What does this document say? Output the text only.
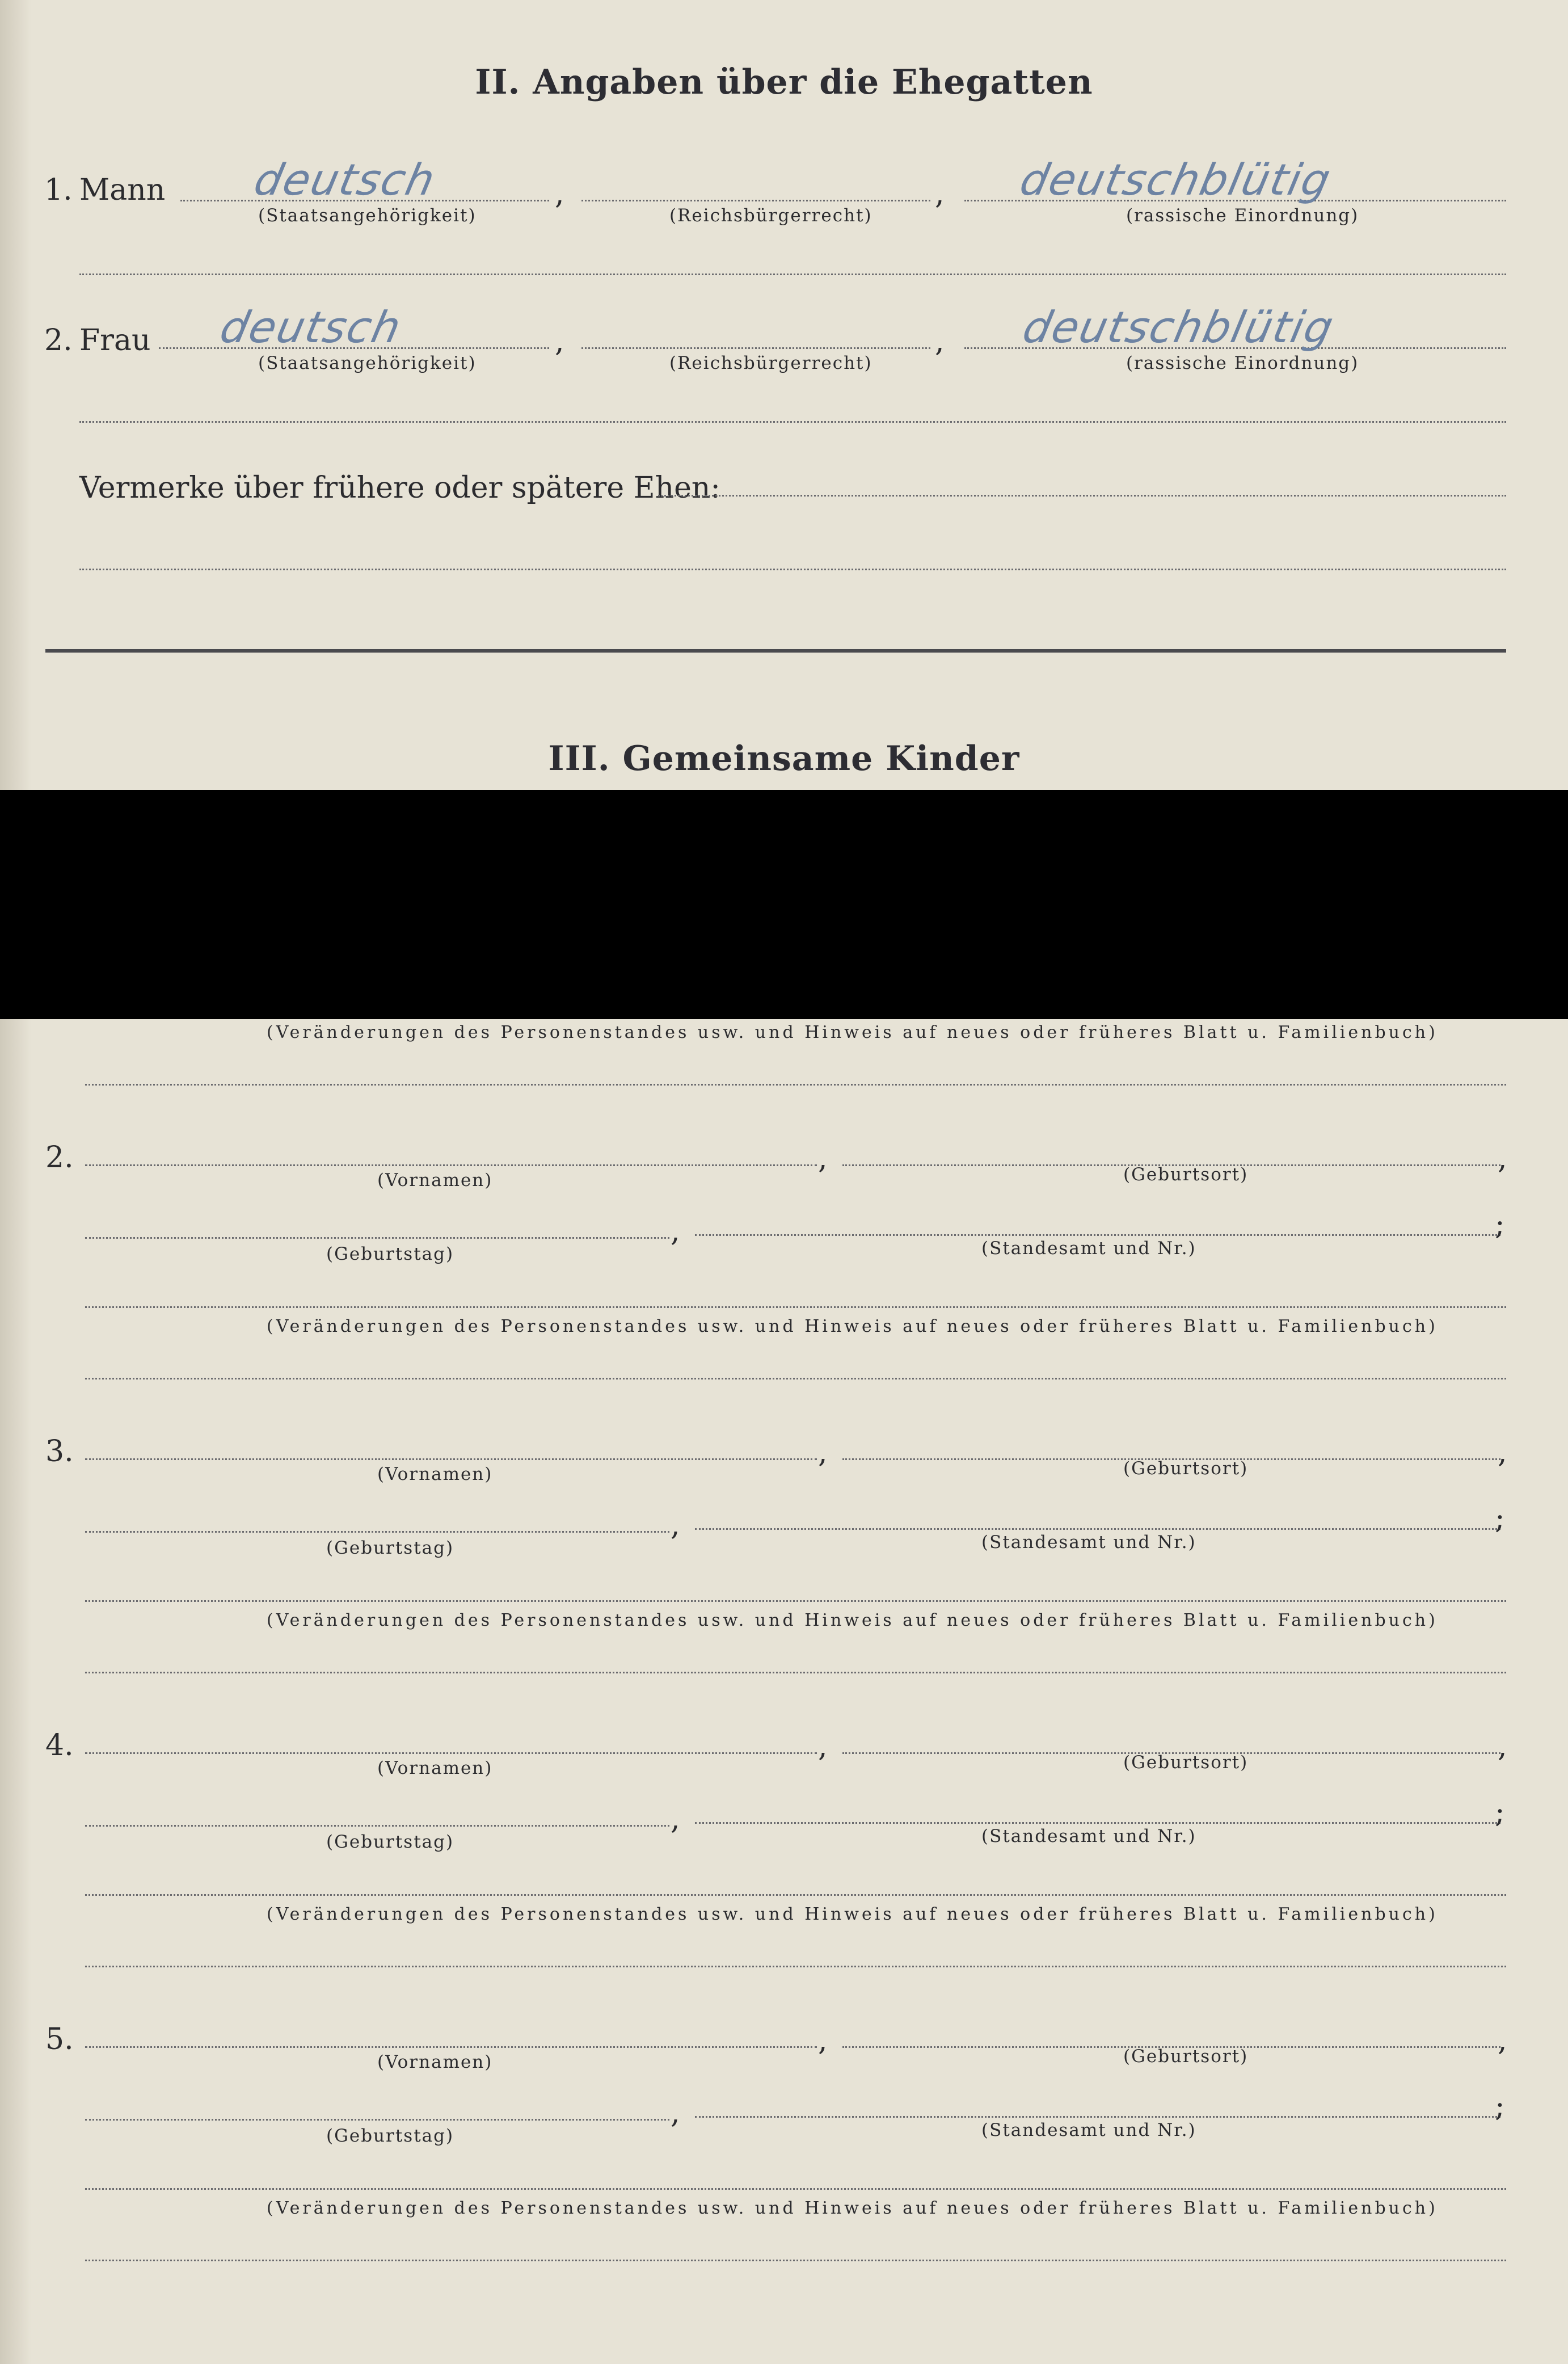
II. Angaben über die Ehegatten
1. Mann deutsch	,	, deutschblütig
(Staatsangehörigkeit)	(Reichsbürgerrecht)	(rassische Einordnung)
2. Frau deutsch	,	, deutschblütig
(Staatsangehörigkeit)	(Reichsbürgerrecht)	(rassische Einordnung)
Vermerke über frühere oder spätere Ehen:
III. Gemeinsame Kinder
(Veränderungen des Personenstandes usw. und Hinweis auf neues oder früheres Blatt u. Familienbuch)
2.	,	,
(Vornamen)	(Geburtsort)
,	;
(Geburtstag)	(Standesamt und Nr.)
(Veränderungen des Personenstandes usw. und Hinweis auf neues oder früheres Blatt u. Familienbuch)
3.	,	,
(Vornamen)	(Geburtsort)
,	;
(Geburtstag)	(Standesamt und Nr.)
(Veränderungen des Personenstandes usw. und Hinweis auf neues oder früheres Blatt u. Familienbuch)
4.	,	,
(Vornamen)	(Geburtsort)
,	;
(Geburtstag)	(Standesamt und Nr.)
(Veränderungen des Personenstandes usw. und Hinweis auf neues oder früheres Blatt u. Familienbuch)
5.	,	,
(Vornamen)	(Geburtsort)
,	;
(Geburtstag)	(Standesamt und Nr.)
(Veränderungen des Personenstandes usw. und Hinweis auf neues oder früheres Blatt u. Familienbuch)
